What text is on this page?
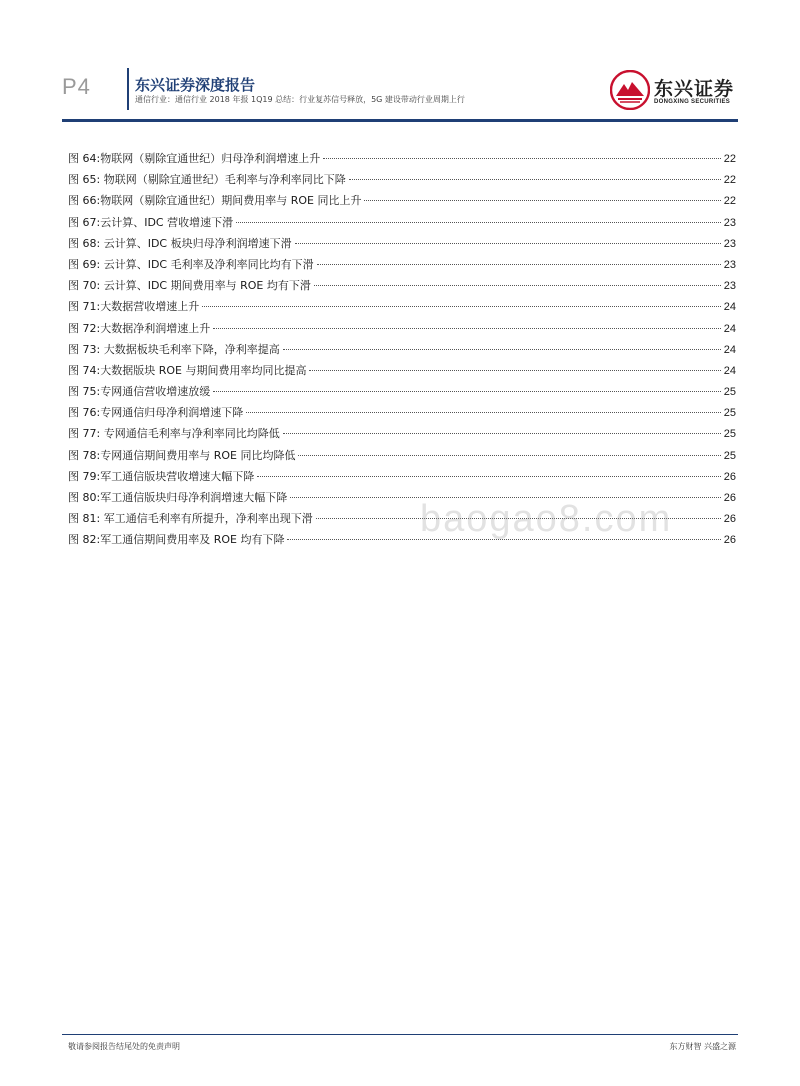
P4	东兴证券深度报告
通信行业：通信行业 2018 年报 1Q19 总结：行业复苏信号释放，5G 建设带动行业周期上行	东兴证券
DONGXING SECURITIES
图 64:物联网（剔除宜通世纪）归母净利润增速上升	22
图 65: 物联网（剔除宜通世纪）毛利率与净利率同比下降	22
图 66:物联网（剔除宜通世纪）期间费用率与 ROE 同比上升	22
图 67:云计算、IDC 营收增速下滑	23
图 68: 云计算、IDC 板块归母净利润增速下滑	23
图 69: 云计算、IDC 毛利率及净利率同比均有下滑	23
图 70: 云计算、IDC 期间费用率与 ROE 均有下滑	23
图 71:大数据营收增速上升	24
图 72:大数据净利润增速上升	24
图 73: 大数据板块毛利率下降，净利率提高	24
图 74:大数据版块 ROE 与期间费用率均同比提高	24
图 75:专网通信营收增速放缓	25
图 76:专网通信归母净利润增速下降	25
图 77: 专网通信毛利率与净利率同比均降低	25
图 78:专网通信期间费用率与 ROE 同比均降低	25
图 79:军工通信版块营收增速大幅下降	26
图 80:军工通信版块归母净利润增速大幅下降	26
图 81: 军工通信毛利率有所提升，净利率出现下滑	26
图 82:军工通信期间费用率及 ROE 均有下降	26
baogao8.com
敬请参阅报告结尾处的免责声明	东方财智 兴盛之源
